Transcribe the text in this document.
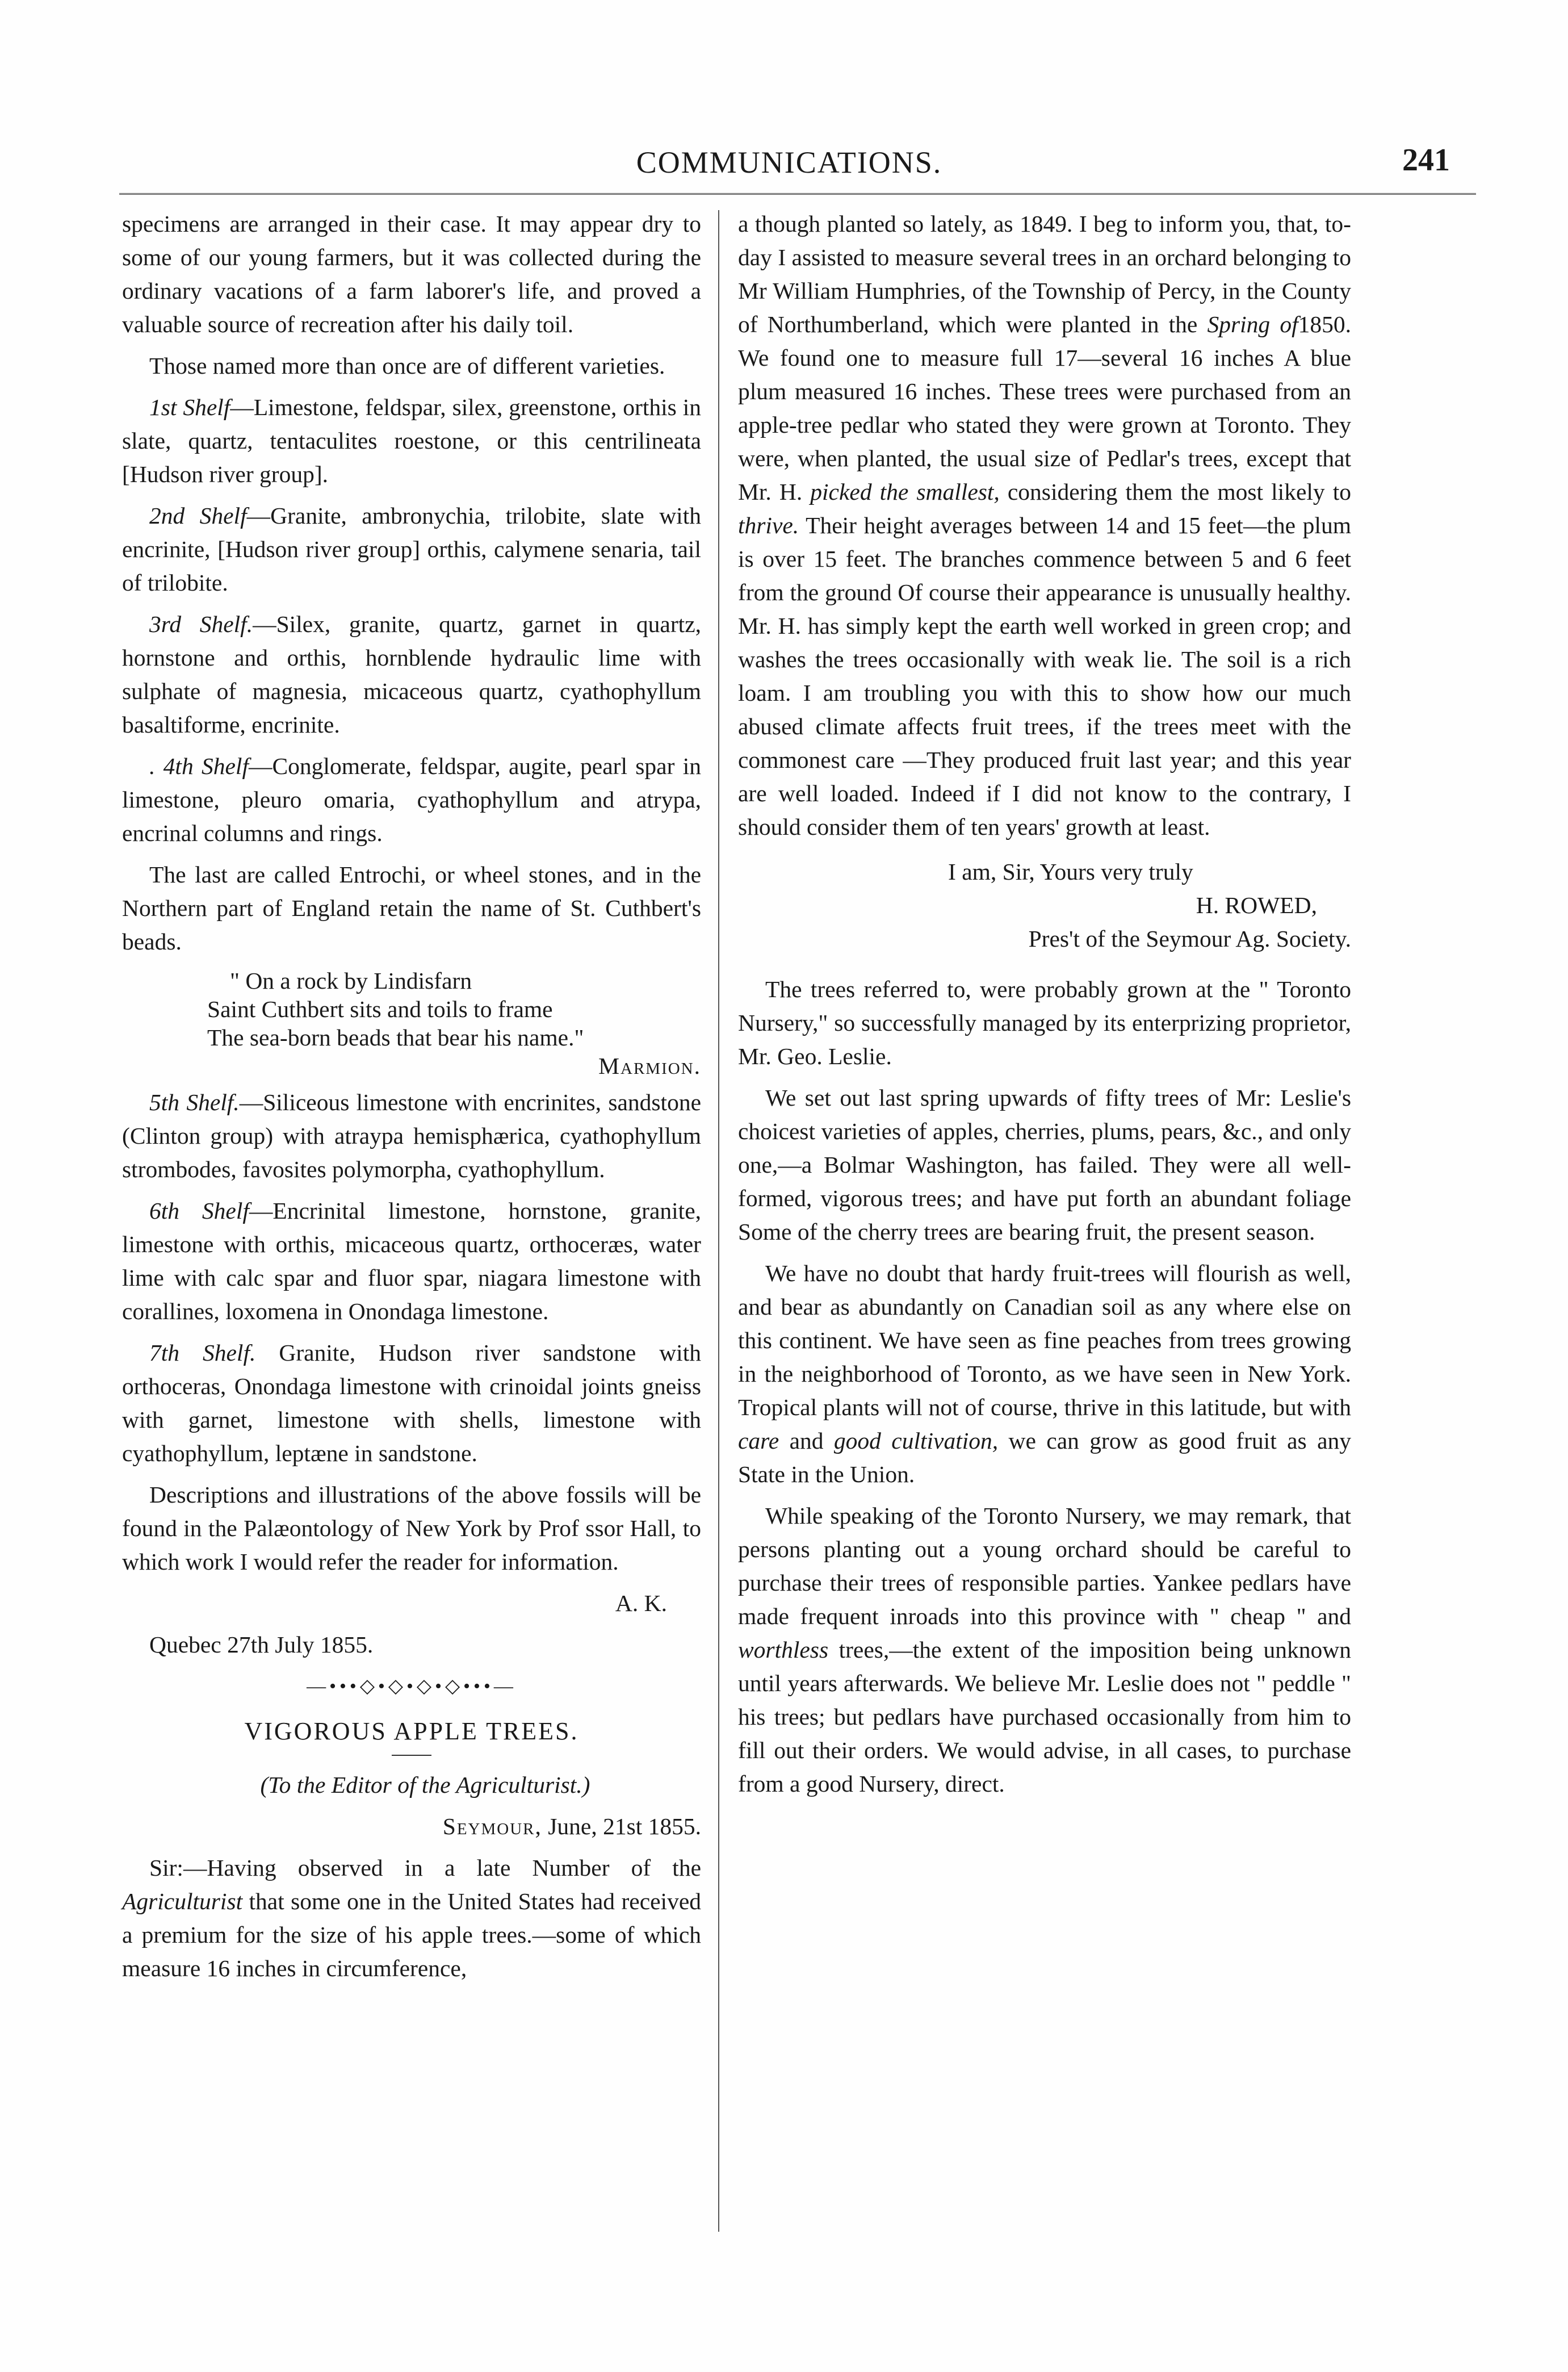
COMMUNICATIONS.	241

specimens are arranged in their case. It may appear dry to some of our young farmers, but it was collected during the ordinary vacations of a farm laborer's life, and proved a valuable source of recreation after his daily toil.

Those named more than once are of different varieties.

1st Shelf—Limestone, feldspar, silex, greenstone, orthis in slate, quartz, tentaculites roestone, or this centrilineata [Hudson river group].

2nd Shelf—Granite, ambronychia, trilobite, slate with encrinite, [Hudson river group] orthis, calymene senaria, tail of trilobite.

3rd Shelf.—Silex, granite, quartz, garnet in quartz, hornstone and orthis, hornblende hydraulic lime with sulphate of magnesia, micaceous quartz, cyathophyllum basaltiforme, encrinite.

. 4th Shelf—Conglomerate, feldspar, augite, pearl spar in limestone, pleuro omaria, cyathophyllum and atrypa, encrinal columns and rings.

The last are called Entrochi, or wheel stones, and in the Northern part of England retain the name of St. Cuthbert's beads.

" On a rock by Lindisfarn
Saint Cuthbert sits and toils to frame
The sea-born beads that bear his name."
Marmion.

5th Shelf.—Siliceous limestone with encrinites, sandstone (Clinton group) with atraypa hemisphærica, cyathophyllum strombodes, favosites polymorpha, cyathophyllum.

6th Shelf—Encrinital limestone, hornstone, granite, limestone with orthis, micaceous quartz, orthoceræs, water lime with calc spar and fluor spar, niagara limestone with corallines, loxomena in Onondaga limestone.

7th Shelf. Granite, Hudson river sandstone with orthoceras, Onondaga limestone with crinoidal joints gneiss with garnet, limestone with shells, limestone with cyathophyllum, leptæne in sandstone.

Descriptions and illustrations of the above fossils will be found in the Palæontology of New York by Prof ssor Hall, to which work I would refer the reader for information.

A. K.

Quebec 27th July 1855.

—•••◇•◇•◇•◇•••—
VIGOROUS APPLE TREES.

(To the Editor of the Agriculturist.)

Seymour, June, 21st 1855.

Sir:—Having observed in a late Number of the Agriculturist that some one in the United States had received a premium for the size of his apple trees.—some of which measure 16 inches in circumference,

a though planted so lately, as 1849. I beg to inform you, that, to-day I assisted to measure several trees in an orchard belonging to Mr William Humphries, of the Township of Percy, in the County of Northumberland, which were planted in the Spring of1850. We found one to measure full 17—several 16 inches A blue plum measured 16 inches. These trees were purchased from an apple-tree pedlar who stated they were grown at Toronto. They were, when planted, the usual size of Pedlar's trees, except that Mr. H. picked the smallest, considering them the most likely to thrive. Their height averages between 14 and 15 feet—the plum is over 15 feet. The branches commence between 5 and 6 feet from the ground Of course their appearance is unusually healthy. Mr. H. has simply kept the earth well worked in green crop; and washes the trees occasionally with weak lie. The soil is a rich loam. I am troubling you with this to show how our much abused climate affects fruit trees, if the trees meet with the commonest care —They produced fruit last year; and this year are well loaded. Indeed if I did not know to the contrary, I should consider them of ten years' growth at least.

I am, Sir, Yours very truly
H. ROWED,
Pres't of the Seymour Ag. Society.

The trees referred to, were probably grown at the " Toronto Nursery," so successfully managed by its enterprizing proprietor, Mr. Geo. Leslie.

We set out last spring upwards of fifty trees of Mr: Leslie's choicest varieties of apples, cherries, plums, pears, &c., and only one,—a Bolmar Washington, has failed. They were all well-formed, vigorous trees; and have put forth an abundant foliage Some of the cherry trees are bearing fruit, the present season.

We have no doubt that hardy fruit-trees will flourish as well, and bear as abundantly on Canadian soil as any where else on this continent. We have seen as fine peaches from trees growing in the neighborhood of Toronto, as we have seen in New York. Tropical plants will not of course, thrive in this latitude, but with care and good cultivation, we can grow as good fruit as any State in the Union.

While speaking of the Toronto Nursery, we may remark, that persons planting out a young orchard should be careful to purchase their trees of responsible parties. Yankee pedlars have made frequent inroads into this province with " cheap " and worthless trees,—the extent of the imposition being unknown until years afterwards. We believe Mr. Leslie does not " peddle " his trees; but pedlars have purchased occasionally from him to fill out their orders. We would advise, in all cases, to purchase from a good Nursery, direct.
